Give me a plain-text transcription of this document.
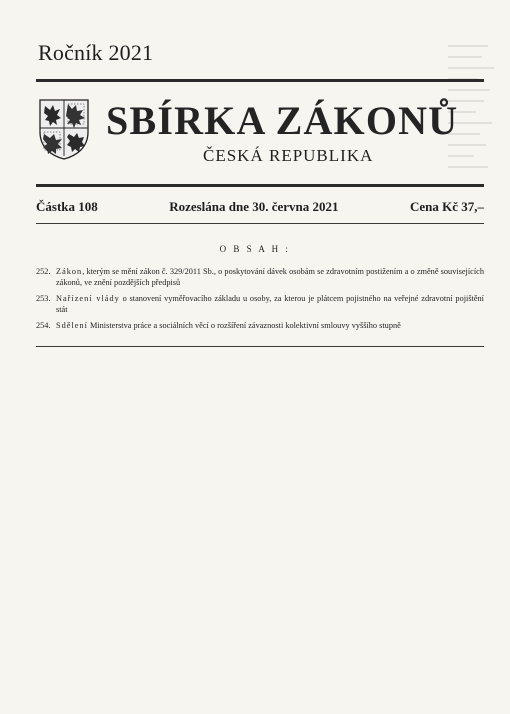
Ročník 2021
SBÍRKA ZÁKONŮ
ČESKÁ REPUBLIKA
Částka 108	Rozeslána dne 30. června 2021	Cena Kč 37,–
O B S A H :
252. Zákon, kterým se mění zákon č. 329/2011 Sb., o poskytování dávek osobám se zdravotním postižením a o změně souvisejících zákonů, ve znění pozdějších předpisů
253. Nařízení vlády o stanovení vyměřovacího základu u osoby, za kterou je plátcem pojistného na veřejné zdravotní pojištění stát
254. Sdělení Ministerstva práce a sociálních věcí o rozšíření závaznosti kolektivní smlouvy vyššího stupně
